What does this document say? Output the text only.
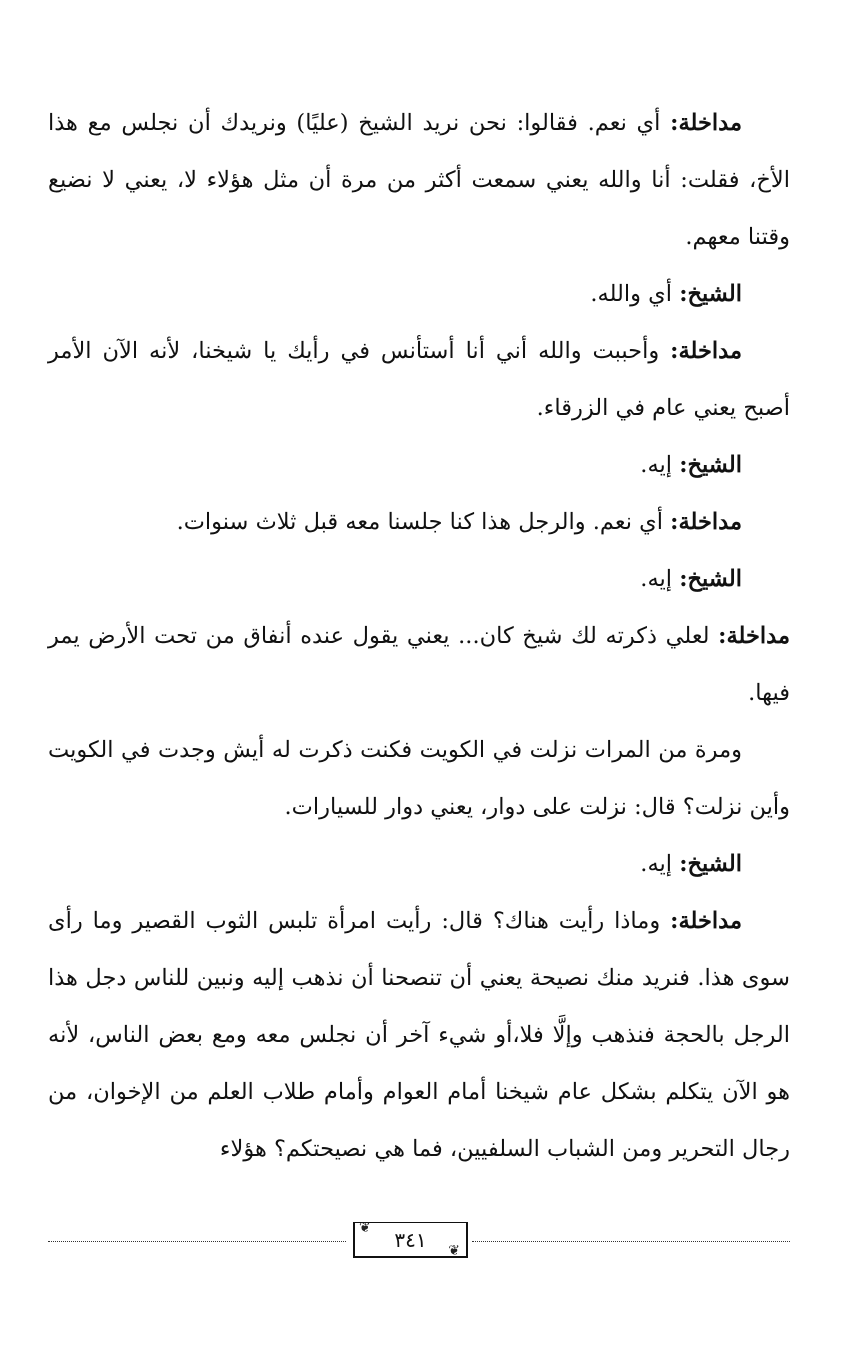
مداخلة: أي نعم. فقالوا: نحن نريد الشيخ (عليًا) ونريدك أن نجلس مع هذا الأخ، فقلت: أنا والله يعني سمعت أكثر من مرة أن مثل هؤلاء لا، يعني لا نضيع وقتنا معهم.

الشيخ: أي والله.

مداخلة: وأحببت والله أني أنا أستأنس في رأيك يا شيخنا، لأنه الآن الأمر أصبح يعني عام في الزرقاء.

الشيخ: إيه.

مداخلة: أي نعم. والرجل هذا كنا جلسنا معه قبل ثلاث سنوات.

الشيخ: إيه.

مداخلة: لعلي ذكرته لك شيخ كان... يعني يقول عنده أنفاق من تحت الأرض يمر فيها.

ومرة من المرات نزلت في الكويت فكنت ذكرت له أيش وجدت في الكويت وأين نزلت؟ قال: نزلت على دوار، يعني دوار للسيارات.

الشيخ: إيه.

مداخلة: وماذا رأيت هناك؟ قال: رأيت امرأة تلبس الثوب القصير وما رأى سوى هذا. فنريد منك نصيحة يعني أن تنصحنا أن نذهب إليه ونبين للناس دجل هذا الرجل بالحجة فنذهب وإلَّا فلا،أو شيء آخر أن نجلس معه ومع بعض الناس، لأنه هو الآن يتكلم بشكل عام شيخنا أمام العوام وأمام طلاب العلم من الإخوان، من رجال التحرير ومن الشباب السلفيين، فما هي نصيحتكم؟ هؤلاء

❦ ٣٤١ ❦
